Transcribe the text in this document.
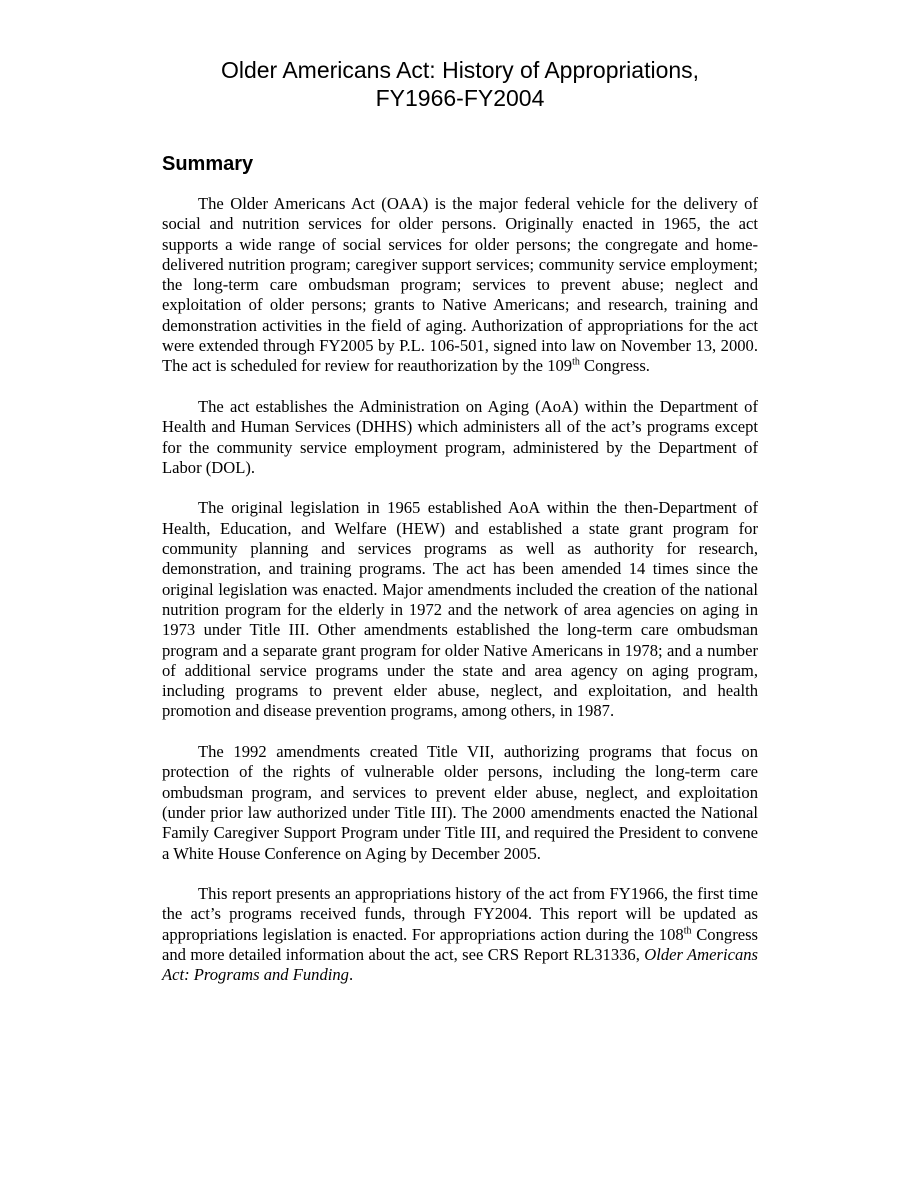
Older Americans Act: History of Appropriations,
FY1966-FY2004
Summary

The Older Americans Act (OAA) is the major federal vehicle for the delivery of social and nutrition services for older persons. Originally enacted in 1965, the act supports a wide range of social services for older persons; the congregate and home-delivered nutrition program; caregiver support services; community service employment; the long-term care ombudsman program; services to prevent abuse; neglect and exploitation of older persons; grants to Native Americans; and research, training and demonstration activities in the field of aging. Authorization of appropriations for the act were extended through FY2005 by P.L. 106-501, signed into law on November 13, 2000. The act is scheduled for review for reauthorization by the 109th Congress.

The act establishes the Administration on Aging (AoA) within the Department of Health and Human Services (DHHS) which administers all of the act’s programs except for the community service employment program, administered by the Department of Labor (DOL).

The original legislation in 1965 established AoA within the then-Department of Health, Education, and Welfare (HEW) and established a state grant program for community planning and services programs as well as authority for research, demonstration, and training programs. The act has been amended 14 times since the original legislation was enacted. Major amendments included the creation of the national nutrition program for the elderly in 1972 and the network of area agencies on aging in 1973 under Title III. Other amendments established the long-term care ombudsman program and a separate grant program for older Native Americans in 1978; and a number of additional service programs under the state and area agency on aging program, including programs to prevent elder abuse, neglect, and exploitation, and health promotion and disease prevention programs, among others, in 1987.

The 1992 amendments created Title VII, authorizing programs that focus on protection of the rights of vulnerable older persons, including the long-term care ombudsman program, and services to prevent elder abuse, neglect, and exploitation (under prior law authorized under Title III). The 2000 amendments enacted the National Family Caregiver Support Program under Title III, and required the President to convene a White House Conference on Aging by December 2005.

This report presents an appropriations history of the act from FY1966, the first time the act’s programs received funds, through FY2004. This report will be updated as appropriations legislation is enacted. For appropriations action during the 108th Congress and more detailed information about the act, see CRS Report RL31336, Older Americans Act: Programs and Funding.
